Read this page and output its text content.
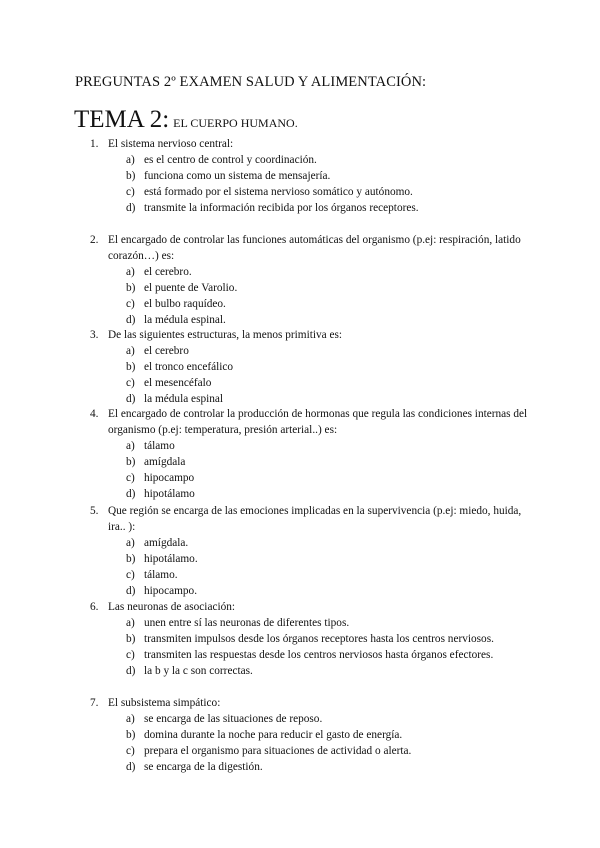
PREGUNTAS 2º EXAMEN SALUD Y ALIMENTACIÓN:
TEMA 2: EL CUERPO HUMANO.
1. El sistema nervioso central:
a) es el centro de control y coordinación.
b) funciona como un sistema de mensajería.
c) está formado por el sistema nervioso somático y autónomo.
d) transmite la información recibida por los órganos receptores.
2. El encargado de controlar las funciones automáticas del organismo (p.ej: respiración, latido corazón…) es:
a) el cerebro.
b) el puente de Varolio.
c) el bulbo raquídeo.
d) la médula espinal.
3. De las siguientes estructuras, la menos primitiva es:
a) el cerebro
b) el tronco encefálico
c) el mesencéfalo
d) la médula espinal
4. El encargado de controlar la producción de hormonas que regula las condiciones internas del organismo (p.ej: temperatura, presión arterial..) es:
a) tálamo
b) amígdala
c) hipocampo
d) hipotálamo
5. Que región se encarga de las emociones implicadas en la supervivencia (p.ej: miedo, huida, ira.. ):
a) amígdala.
b) hipotálamo.
c) tálamo.
d) hipocampo.
6. Las neuronas de asociación:
a) unen entre sí las neuronas de diferentes tipos.
b) transmiten impulsos desde los órganos receptores hasta los centros nerviosos.
c) transmiten las respuestas desde los centros nerviosos hasta órganos efectores.
d) la b y la c son correctas.
7. El subsistema simpático:
a) se encarga de las situaciones de reposo.
b) domina durante la noche para reducir el gasto de energía.
c) prepara el organismo para situaciones de actividad o alerta.
d) se encarga de la digestión.
